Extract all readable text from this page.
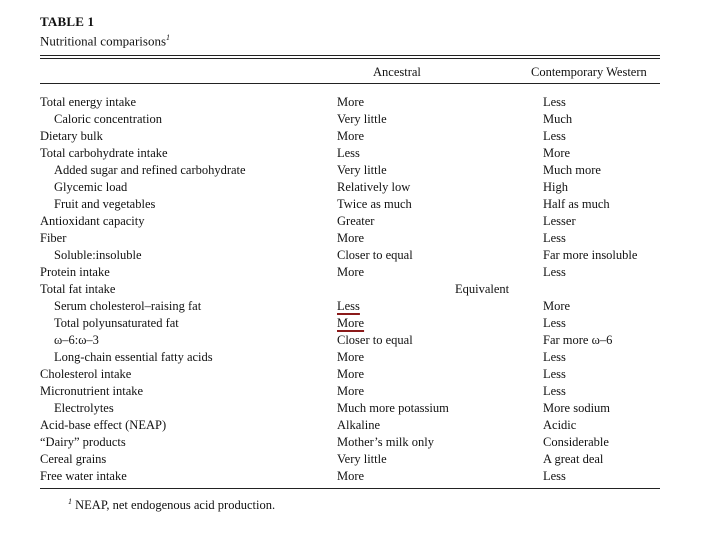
TABLE 1
Nutritional comparisons$^1$
Ancestral	Contemporary Western
Total energy intake	More	Less
Caloric concentration	Very little	Much
Dietary bulk	More	Less
Total carbohydrate intake	Less	More
Added sugar and refined carbohydrate	Very little	Much more
Glycemic load	Relatively low	High
Fruit and vegetables	Twice as much	Half as much
Antioxidant capacity	Greater	Lesser
Fiber	More	Less
Soluble:insoluble	Closer to equal	Far more insoluble
Protein intake	More	Less
Total fat intake	Equivalent
Serum cholesterol–raising fat	Less	More
Total polyunsaturated fat	More	Less
ω–6:ω–3	Closer to equal	Far more ω–6
Long-chain essential fatty acids	More	Less
Cholesterol intake	More	Less
Micronutrient intake	More	Less
Electrolytes	Much more potassium	More sodium
Acid-base effect (NEAP)	Alkaline	Acidic
“Dairy” products	Mother’s milk only	Considerable
Cereal grains	Very little	A great deal
Free water intake	More	Less
$^1$ NEAP, net endogenous acid production.
